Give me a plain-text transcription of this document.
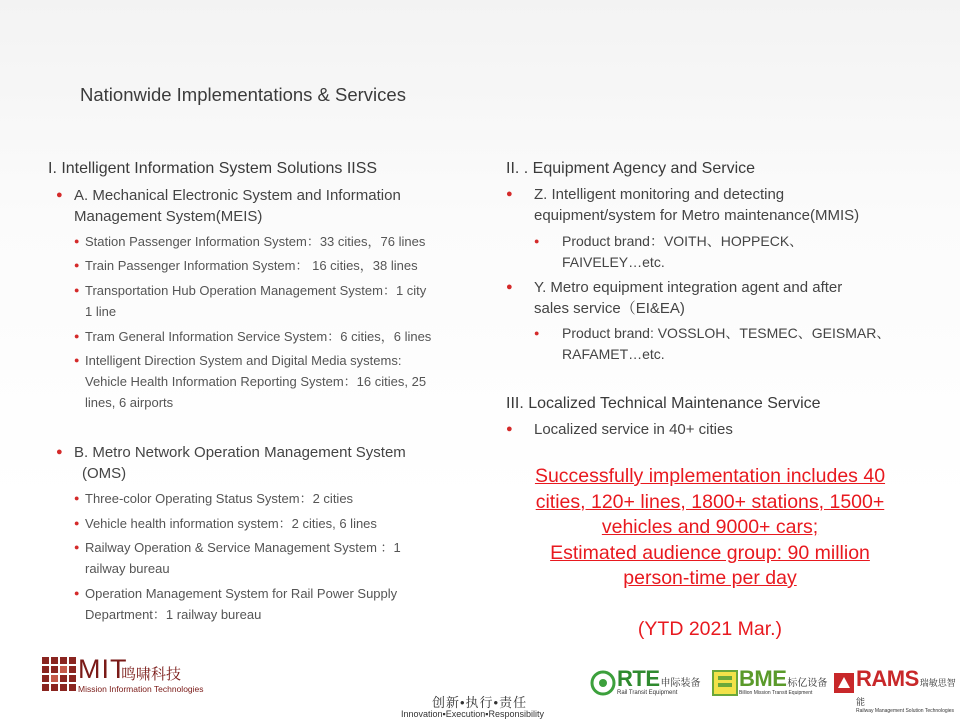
Nationwide Implementations & Services
I. Intelligent Information System Solutions IISS
● A. Mechanical Electronic System and Information
Management System(MEIS)
● Station Passenger Information System：33 cities，76 lines
● Train Passenger Information System： 16 cities，38 lines
● Transportation Hub Operation Management System：1 city
1 line
● Tram General Information Service System：6 cities，6 lines
● Intelligent Direction System and Digital Media systems:
Vehicle Health Information Reporting System：16 cities, 25
lines, 6 airports
● B. Metro Network Operation Management System
(OMS)
● Three-color Operating Status System：2 cities
● Vehicle health information system：2 cities, 6 lines
● Railway Operation & Service Management System ：1
railway bureau
● Operation Management System for Rail Power Supply
Department：1 railway bureau
II. . Equipment Agency and Service
● Z. Intelligent monitoring and detecting
equipment/system for Metro maintenance(MMIS)
● Product brand：VOITH、HOPPECK、
FAIVELEY…etc.
● Y. Metro equipment integration agent and after
sales service（EI&EA)
● Product brand: VOSSLOH、TESMEC、GEISMAR、
RAFAMET…etc.
III. Localized Technical Maintenance Service
● Localized service in 40+ cities
Successfully implementation includes 40
cities, 120+ lines, 1800+ stations, 1500+
vehicles and 9000+ cars;
Estimated audience group: 90 million
person-time per day
(YTD 2021 Mar.)
MIT
鸣啸科技
Mission Information Technologies
创新•执行•责任
Innovation▪Execution▪Responsibility
RTE申际装备
Rail Transit Equipment
BME标亿设备
Billion Mission Transit Equipment
RAMS瑞敏思智能
Railway Management Solution Technologies
